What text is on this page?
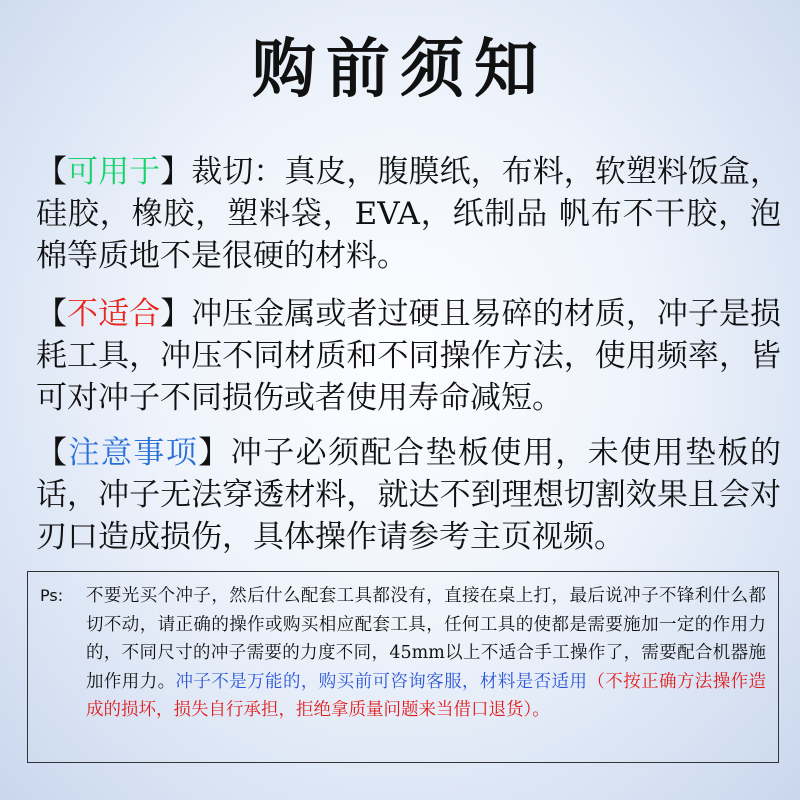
购前须知
【可用于】裁切：真皮，腹膜纸，布料，软塑料饭盒，硅胶，橡胶，塑料袋，EVA，纸制品 帆布不干胶，泡棉等质地不是很硬的材料。
【不适合】冲压金属或者过硬且易碎的材质，冲子是损耗工具，冲压不同材质和不同操作方法，使用频率，皆可对冲子不同损伤或者使用寿命减短。
【注意事项】冲子必须配合垫板使用，未使用垫板的话，冲子无法穿透材料，就达不到理想切割效果且会对刃口造成损伤，具体操作请参考主页视频。
Ps: 不要光买个冲子，然后什么配套工具都没有，直接在桌上打，最后说冲子不锋利什么都切不动，请正确的操作或购买相应配套工具，任何工具的使都是需要施加一定的作用力的，不同尺寸的冲子需要的力度不同，45mm以上不适合手工操作了，需要配合机器施加作用力。冲子不是万能的，购买前可咨询客服，材料是否适用（不按正确方法操作造成的损坏，损失自行承担，拒绝拿质量问题来当借口退货）。
